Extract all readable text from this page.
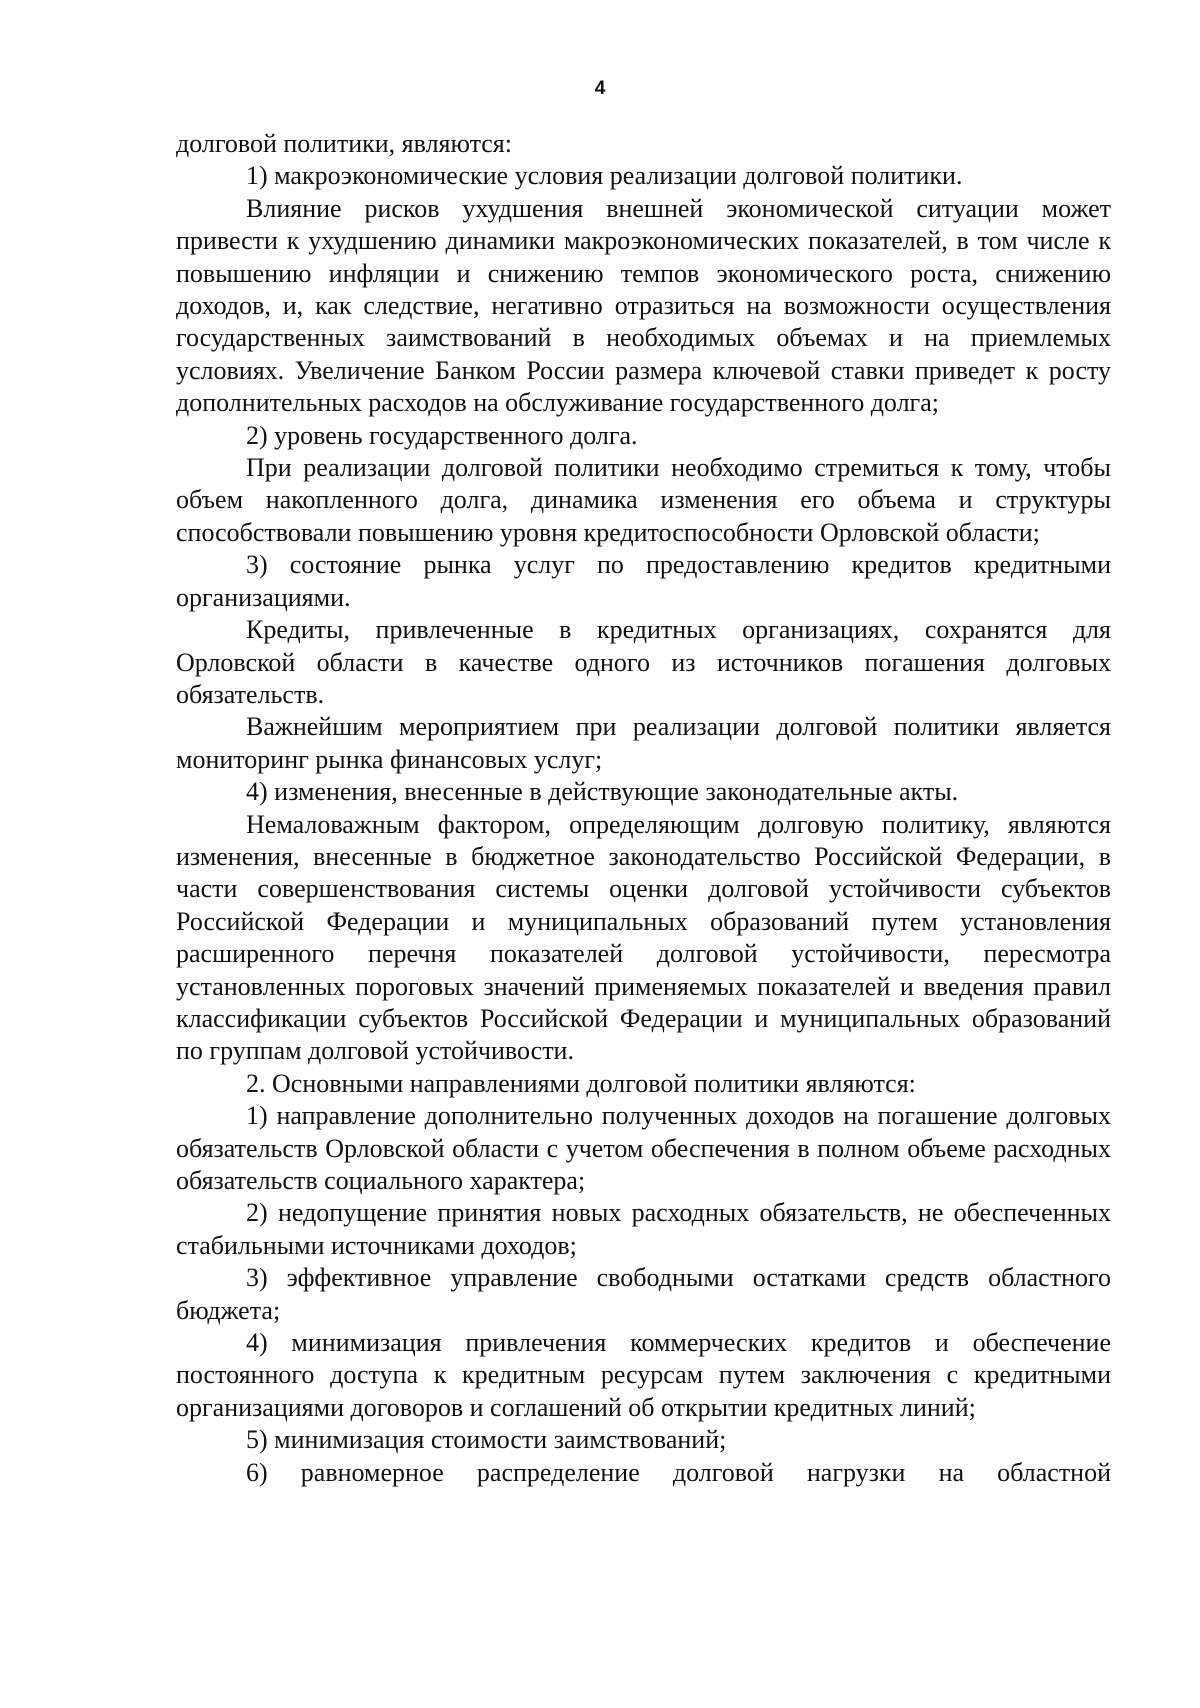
4

долговой политики, являются:

1) макроэкономические условия реализации долговой политики.

Влияние рисков ухудшения внешней экономической ситуации может привести к ухудшению динамики макроэкономических показателей, в том числе к повышению инфляции и снижению темпов экономического роста, снижению доходов, и, как следствие, негативно отразиться на возможности осуществления государственных заимствований в необходимых объемах и на приемлемых условиях. Увеличение Банком России размера ключевой ставки приведет к росту дополнительных расходов на обслуживание государственного долга;

2) уровень государственного долга.

При реализации долговой политики необходимо стремиться к тому, чтобы объем накопленного долга, динамика изменения его объема и структуры способствовали повышению уровня кредитоспособности Орловской области;

3) состояние рынка услуг по предоставлению кредитов кредитными организациями.

Кредиты, привлеченные в кредитных организациях, сохранятся для Орловской области в качестве одного из источников погашения долговых обязательств.

Важнейшим мероприятием при реализации долговой политики является мониторинг рынка финансовых услуг;

4) изменения, внесенные в действующие законодательные акты.

Немаловажным фактором, определяющим долговую политику, являются изменения, внесенные в бюджетное законодательство Российской Федерации, в части совершенствования системы оценки долговой устойчивости субъектов Российской Федерации и муниципальных образований путем установления расширенного перечня показателей долговой устойчивости, пересмотра установленных пороговых значений применяемых показателей и введения правил классификации субъектов Российской Федерации и муниципальных образований по группам долговой устойчивости.

2. Основными направлениями долговой политики являются:

1) направление дополнительно полученных доходов на погашение долговых обязательств Орловской области с учетом обеспечения в полном объеме расходных обязательств социального характера;

2) недопущение принятия новых расходных обязательств, не обеспеченных стабильными источниками доходов;

3) эффективное управление свободными остатками средств областного бюджета;

4) минимизация привлечения коммерческих кредитов и обеспечение постоянного доступа к кредитным ресурсам путем заключения с кредитными организациями договоров и соглашений об открытии кредитных линий;

5) минимизация стоимости заимствований;

6) равномерное распределение долговой нагрузки на областной
